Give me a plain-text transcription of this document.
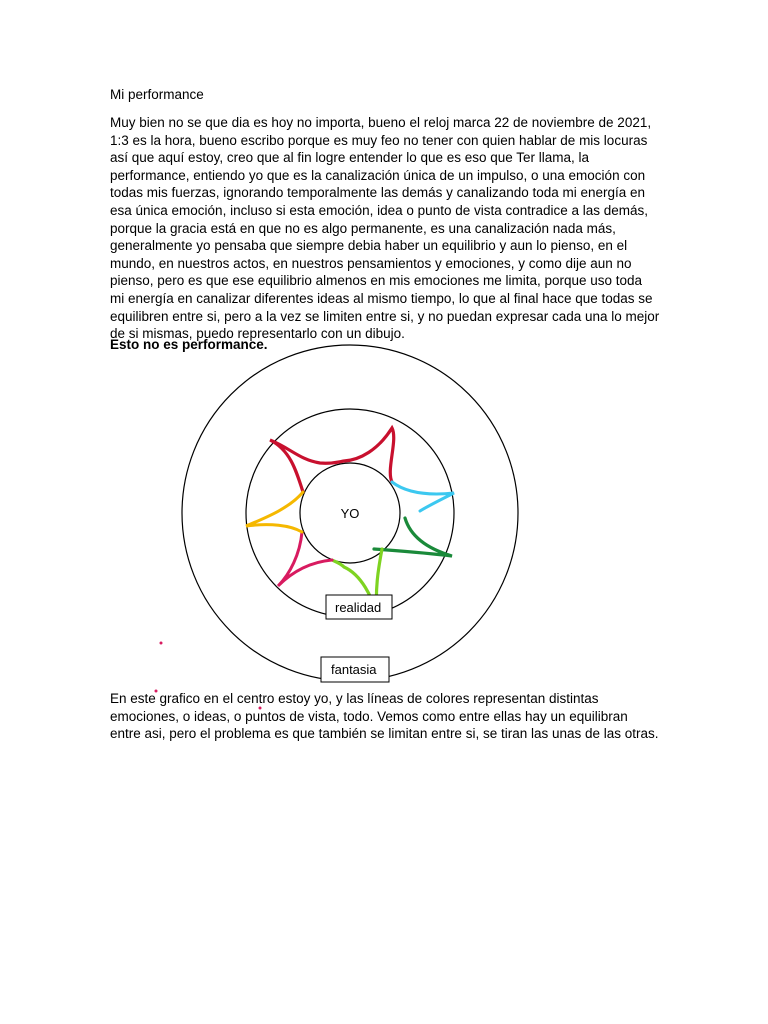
Mi performance

Muy bien no se que dia es hoy no importa, bueno el reloj marca 22 de noviembre de 2021, 1:3 es la hora, bueno escribo porque es muy feo no tener con quien hablar de mis locuras así que aquí estoy, creo que al fin logre entender lo que es eso que Ter llama, la performance, entiendo yo que es la canalización única de un impulso, o una emoción con todas mis fuerzas, ignorando temporalmente las demás y canalizando toda mi energía en esa única emoción, incluso si esta emoción, idea o punto de vista contradice a las demás, porque la gracia está en que no es algo permanente, es una canalización nada más, generalmente yo pensaba que siempre debia haber un equilibrio y aun lo pienso, en el mundo, en nuestros actos, en nuestros pensamientos y emociones, y como dije aun no pienso, pero es que ese equilibrio almenos en mis emociones me limita, porque uso toda mi energía en canalizar diferentes ideas al mismo tiempo, lo que al final hace que todas se equilibren entre si, pero a la vez se limiten entre si, y no puedan expresar cada una lo mejor de si mismas, puedo representarlo con un dibujo.

Esto no es performance.

YO
realidad
fantasia

En este grafico en el centro estoy yo, y las líneas de colores representan distintas emociones, o ideas, o puntos de vista, todo. Vemos como entre ellas hay un equilibran entre asi, pero el problema es que también se limitan entre si, se tiran las unas de las otras.
